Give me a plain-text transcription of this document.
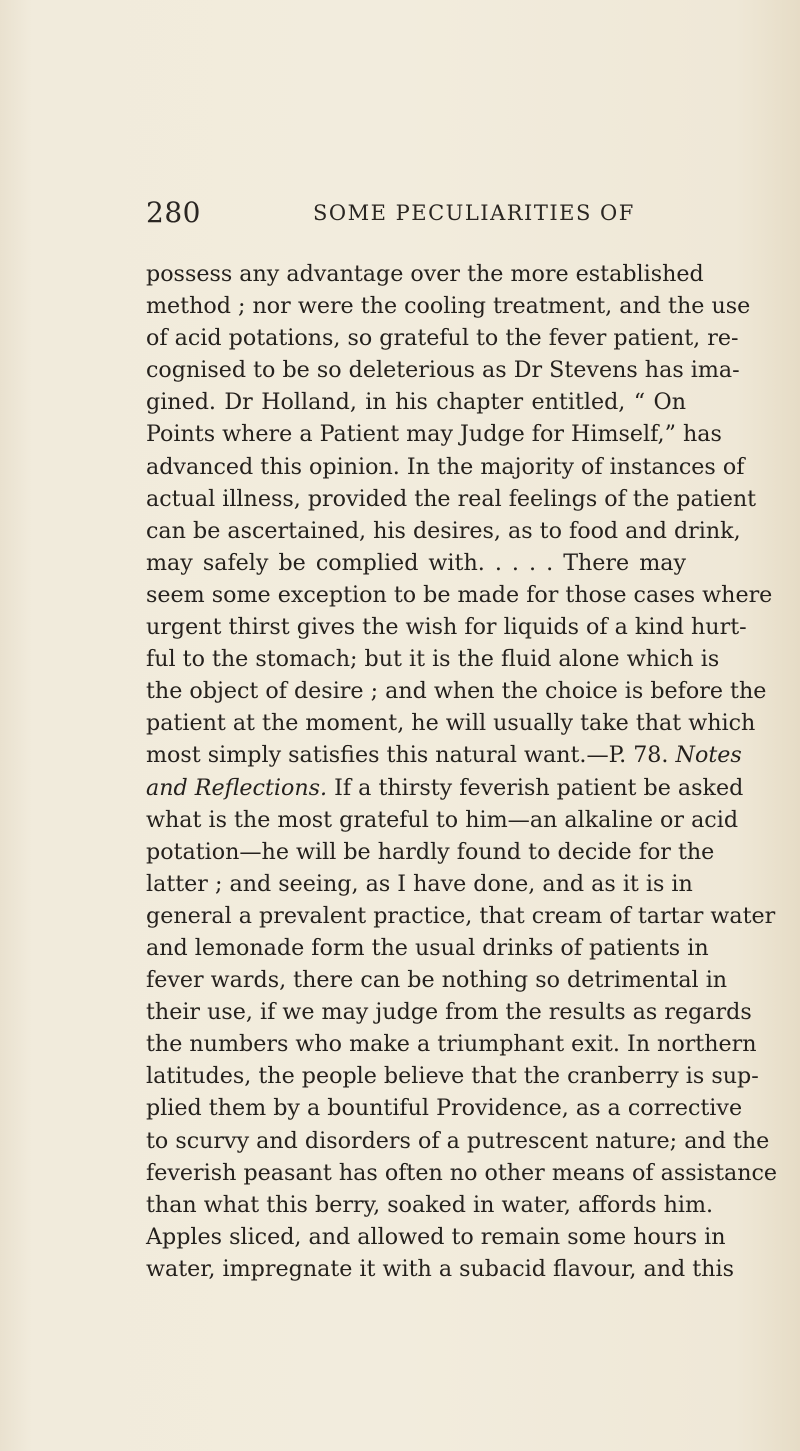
280	SOME PECULIARITIES OF
possess any advantage over the more established
method ; nor were the cooling treatment, and the use
of acid potations, so grateful to the fever patient, re-
cognised to be so deleterious as Dr Stevens has ima-
gined. Dr Holland, in his chapter entitled, “ On
Points where a Patient may Judge for Himself,” has
advanced this opinion. In the majority of instances of
actual illness, provided the real feelings of the patient
can be ascertained, his desires, as to food and drink,
may safely be complied with. . . . . There may
seem some exception to be made for those cases where
urgent thirst gives the wish for liquids of a kind hurt-
ful to the stomach; but it is the fluid alone which is
the object of desire ; and when the choice is before the
patient at the moment, he will usually take that which
most simply satisfies this natural want.—P. 78. Notes
and Reflections. If a thirsty feverish patient be asked
what is the most grateful to him—an alkaline or acid
potation—he will be hardly found to decide for the
latter ; and seeing, as I have done, and as it is in
general a prevalent practice, that cream of tartar water
and lemonade form the usual drinks of patients in
fever wards, there can be nothing so detrimental in
their use, if we may judge from the results as regards
the numbers who make a triumphant exit. In northern
latitudes, the people believe that the cranberry is sup-
plied them by a bountiful Providence, as a corrective
to scurvy and disorders of a putrescent nature; and the
feverish peasant has often no other means of assistance
than what this berry, soaked in water, affords him.
Apples sliced, and allowed to remain some hours in
water, impregnate it with a subacid flavour, and this
